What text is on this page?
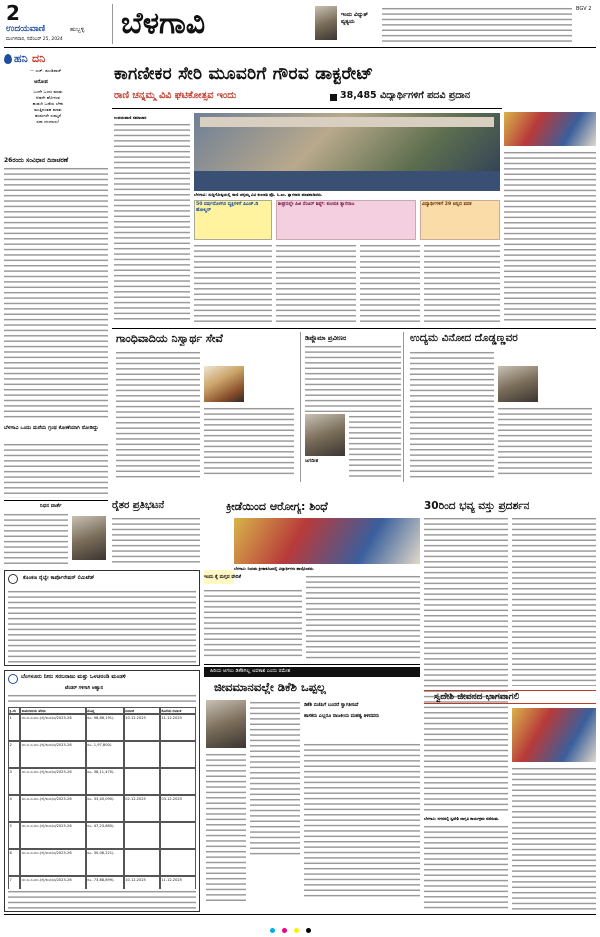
2
ಉದಯವಾಣಿ	ಹುಬ್ಬಳ್ಳಿ
ಮಂಗಳವಾರ, ನವೆಂಬರ್ 25, 2024 ಬೆಳಗಾವಿ	ಇಂದು ವಿದ್ಯುತ್ ವ್ಯತ್ಯಯ
BGV 2
ಹನಿ ದನಿ
— ಎಚ್. ಡುಂಡಿರಾಜ್
ಆರೋಪ
ಒಂದೇ ಒಂದು ಮಾತು
ಆಡದೇ ಹೋಗುವ
ಹುಡುಗಿ ಒಡೆಯ ಬೇಕು
ಮುತ್ತಿನಂತಹ ಮಾತು
ಹುಡುಗರೇ ಸುಮ್ಮನೆ
ಸದಾ ಚಂಚಲರು!
26ರಂದು ಸಂವಿಧಾನ ದಿನಾಚರಣೆ
ಬೆಳಗಾವಿ ಒಂದು ಮನೆಯ ಗ್ರಂಥ ಕೋಣೆಯಾಗಿ ನೋಡಿದ್ದು
ಕಾಗಣೀಕರ ಸೇರಿ ಮೂವರಿಗೆ ಗೌರವ ಡಾಕ್ಟರೇಟ್
ರಾಣಿ ಚನ್ನಮ್ಮ ವಿವಿ ಘಟಿಕೋತ್ಸವ ಇಂದು	38,485 ವಿದ್ಯಾರ್ಥಿಗಳಿಗೆ ಪದವಿ ಪ್ರದಾನ
ಉದಯವಾಣಿ ಸಮಾಚಾರ
ಬೆಳಗಾವಿ: ಸುದ್ದಿಗೋಷ್ಠಿಯಲ್ಲಿ ರಾಣಿ ಚನ್ನಮ್ಮ ವಿವಿ ಕುಲಪತಿ ಪ್ರೊ. ಸಿ.ಎಂ. ತ್ಯಾಗರಾಜ ಮಾತನಾಡಿದರು.
50 ವರ್ಷದೊಳಗಿನ ವ್ಯಕ್ತಿಗಳಿಗೆ ಪಿಎಚ್.ಡಿ ಹೋಲ್ಡರ್
ಶೀಘ್ರದಲ್ಲೇ ಪಿಜಿ ಸೆಂಟರ್ ಶಿಫ್ಟ್: ಕುಲಪತಿ ತ್ಯಾಗರಾಜ	ವಿದ್ಯಾರ್ಥಿಗಳಿಗೆ 29 ಚಿನ್ನದ ಪದಕ
ಗಾಂಧಿವಾದಿಯ ನಿಸ್ವಾರ್ಥ ಸೇವೆ	ಡಿಪ್ಲೊಮಾ ಪ್ರವೀಣರ
ಜಗದೀಶ
ಉದ್ಯಮ ವಿನೋದ ದೊಡ್ಡಣ್ಣವರ
ನಿಧನ ವಾರ್ತೆ
ಕೊಂಕಣ ರೈಲ್ವೇ ಕಾರ್ಪೊರೇಷನ್ ಲಿಮಿಟೆಡ್
ರೈತರ ಪ್ರತಿಭಟನೆ
ಇಂದು ಕೈ ಮಗ್ಗದ ವೇದಿಕೆ
ಕ್ರೀಡೆಯಿಂದ ಆರೋಗ್ಯ: ಶಿಂಧೆ
ಬೆಳಗಾವಿ: ನಿಯಮ ಕ್ರೀಡಾಕೂಟದಲ್ಲಿ ವಿದ್ಯಾರ್ಥಿಗಳು ಪಾಲ್ಗೊಂಡರು.
30ರಿಂದ ಭವ್ಯ ವಸ್ತು ಪ್ರದರ್ಶನ
ಹಿರಿಯ ಆಗಲು ಡಿಕೆಶಿಗಿಲ್ಲ ಅವಕಾಶ ಎಂದು ರಮೇಶ
ಜೀವಮಾನವಲ್ಲೇ ಡಿಕೆಶಿ ಒಪ್ಪಲ್ಲ
ಡಿಕೆಶಿ ಬಿಜೆಪಿಗೆ ಬಂದರೆ ಸ್ವಾಗತಿಸುವೆ
ಶಾಸಕರು ಎಲ್ಲರೂ ರಾಜಕೀಯ ಮಹತ್ವ ತಿಳಿದವರು
ಸ್ವದೇಶಿ ಜೀವನದ ಭಾಗವಾಗಲಿ
ಬೆಳಗಾವಿ: ನಗರದಲ್ಲಿ ಸ್ವದೇಶಿ ಜಾಗೃತಿ ಕಾರ್ಯಕ್ರಮ ನಡೆಯಿತು.
ಬೆಂಗಳೂರು ನೀರು ಸರಬರಾಜು ಮತ್ತು ಒಳಚರಂಡಿ ಮಂಡಳಿ
ಟೆಂಡರ್ ಗಳಿಗಾಗಿ ಆಹ್ವಾನ
ಕ್ರ.ಸಂ	ಕಾಮಗಾರಿಯ ಹೆಸರು	ಮೊತ್ತ	ದಿನಾಂಕ	ಕೊನೆಯ ದಿನಾಂಕ
1	ಬೆಂ.ಜ.ಸ.ಮಂ.(ಕೆ)/ಕಾಮ/ಪ/2025-26	ರೂ. 98,88,191/-	10.12.2025	11.12.2025
2	ಬೆಂ.ಜ.ಸ.ಮಂ.(ಕೆ)/ಕಾಮ/ಪ/2025-26	ರೂ. 1,97,800/-
3	ಬೆಂ.ಜ.ಸ.ಮಂ.(ಕೆ)/ಕಾಮ/ಪ/2025-26	ರೂ. 38,11,470/-
4	ಬೆಂ.ಜ.ಸ.ಮಂ.(ಕೆ)/ಕಾಮ/ಪ/2025-26	ರೂ. 33,40,090/-	02.12.2025	03.12.2025
5	ಬೆಂ.ಜ.ಸ.ಮಂ.(ಕೆ)/ಕಾಮ/ಪ/2025-26	ರೂ. 47,23,685/-
6	ಬೆಂ.ಜ.ಸ.ಮಂ.(ಕೆ)/ಕಾಮ/ಪ/2025-26	ರೂ. 30,06,221/-
7	ಬೆಂ.ಜ.ಸ.ಮಂ.(ಕೆ)/ಕಾಮ/ಪ/2025-26	ರೂ. 73,88,899/-	10.12.2025	11.12.2025
